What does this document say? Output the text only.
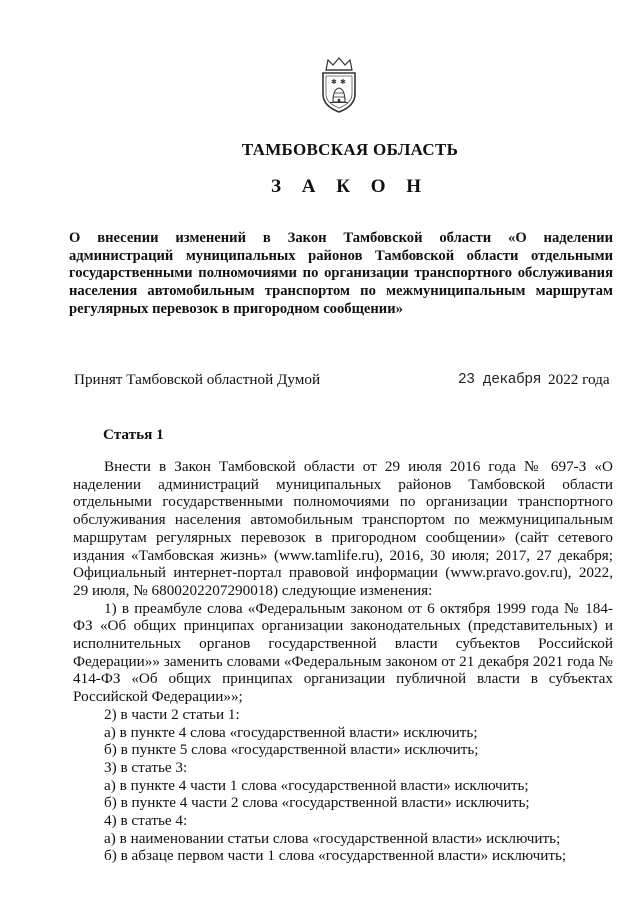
✱ ✱
ТАМБОВСКАЯ ОБЛАСТЬ
З А К О Н
О внесении изменений в Закон Тамбовской области «О наделении администраций муниципальных районов Тамбовской области отдельными государственными полномочиями по организации транспортного обслуживания населения автомобильным транспортом по межмуниципальным маршрутам регулярных перевозок в пригородном сообщении»
Принят Тамбовской областной Думой	23 декабря 2022 года
Статья 1

Внести в Закон Тамбовской области от 29 июля 2016 года № 697-З «О наделении администраций муниципальных районов Тамбовской области отдельными государственными полномочиями по организации транспортного обслуживания населения автомобильным транспортом по межмуниципальным маршрутам регулярных перевозок в пригородном сообщении» (сайт сетевого издания «Тамбовская жизнь» (www.tamlife.ru), 2016, 30 июля; 2017, 27 декабря; Официальный интернет-портал правовой информации (www.pravo.gov.ru), 2022, 29 июля, № 6800202207290018) следующие изменения:

1) в преамбуле слова «Федеральным законом от 6 октября 1999 года № 184-ФЗ «Об общих принципах организации законодательных (представительных) и исполнительных органов государственной власти субъектов Российской Федерации»» заменить словами «Федеральным законом от 21 декабря 2021 года № 414-ФЗ «Об общих принципах организации публичной власти в субъектах Российской Федерации»»;

2) в части 2 статьи 1:

а) в пункте 4 слова «государственной власти» исключить;

б) в пункте 5 слова «государственной власти» исключить;

3) в статье 3:

а) в пункте 4 части 1 слова «государственной власти» исключить;

б) в пункте 4 части 2 слова «государственной власти» исключить;

4) в статье 4:

а) в наименовании статьи слова «государственной власти» исключить;

б) в абзаце первом части 1 слова «государственной власти» исключить;
